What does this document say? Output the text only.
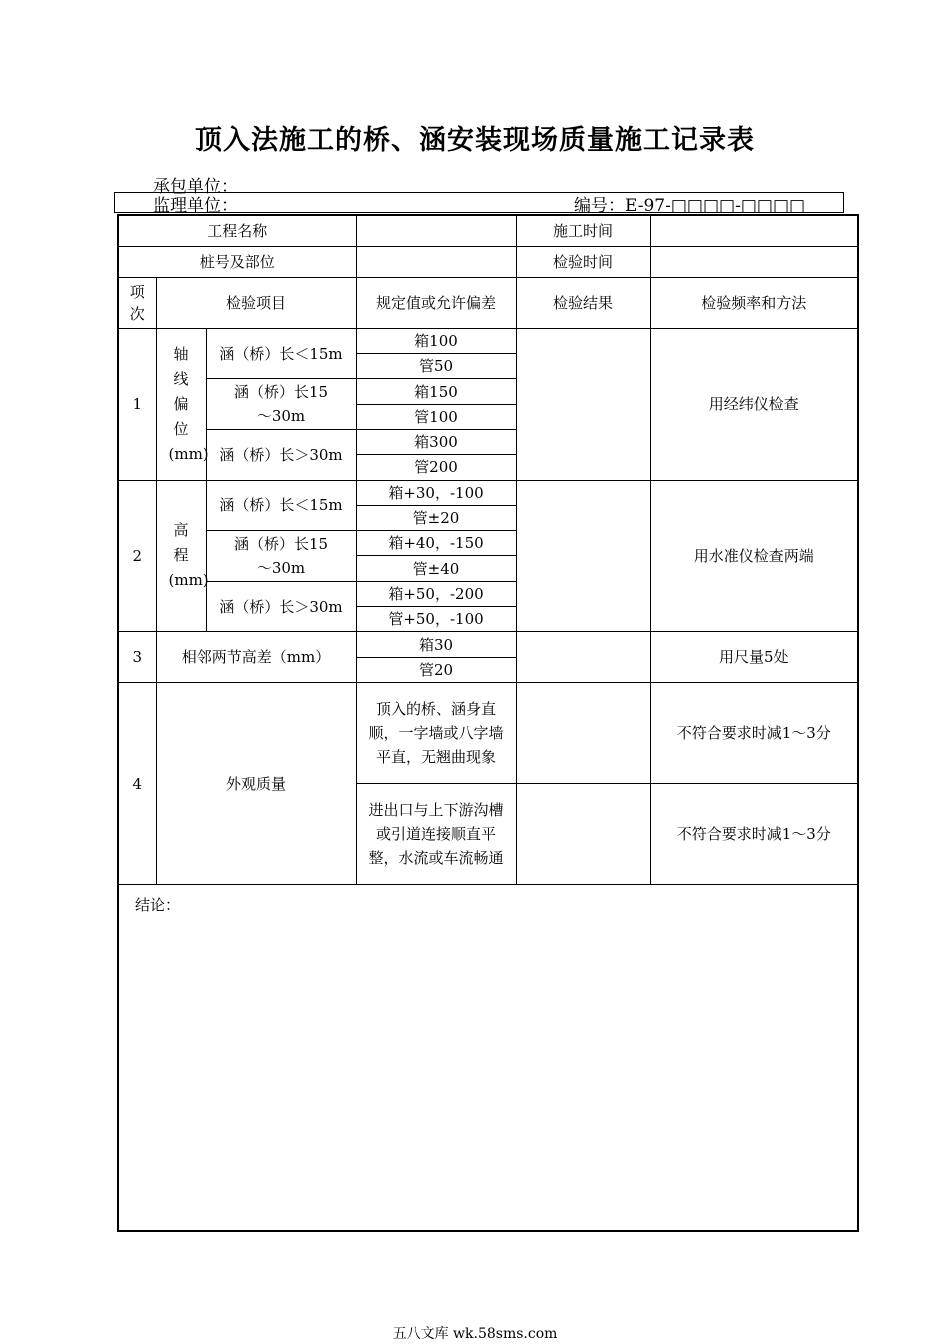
顶入法施工的桥、涵安装现场质量施工记录表
承包单位：
监理单位：	编号：E-97-□□□□-□□□□
工程名称				施工时间	
桩号及部位				检验时间	
项次	检验项目		规定值或允许偏差	检验结果	检验频率和方法
1	轴线偏位(mm)	涵（桥）长＜15m	箱100		用经纬仪检查
			管50		
		涵（桥）长15～30m	箱150		
			管100		
		涵（桥）长＞30m	箱300		
			管200		
2	高程(mm)	涵（桥）长＜15m	箱+30，-100		用水准仪检查两端
			管±20		
		涵（桥）长15～30m	箱+40，-150		
			管±40		
		涵（桥）长＞30m	箱+50，-200		
			管+50，-100		
3	相邻两节高差（mm）		箱30		用尺量5处
			管20		
4	外观质量		顶入的桥、涵身直顺，一字墙或八字墙平直，无翘曲现象		不符合要求时减1～3分
			进出口与上下游沟槽或引道连接顺直平整，水流或车流畅通		不符合要求时减1～3分
结论：					
五八文库 wk.58sms.com
